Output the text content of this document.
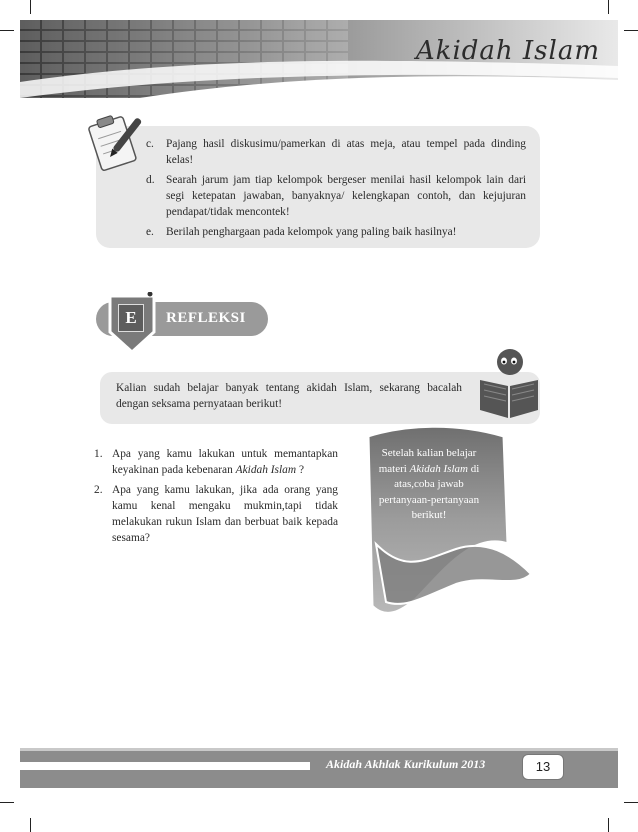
Akidah Islam
c. Pajang hasil diskusimu/pamerkan di atas meja, atau tempel pada dinding kelas!
d. Searah jarum jam tiap kelompok bergeser menilai hasil kelompok lain dari segi ketepatan jawaban, banyaknya/ kelengkapan contoh, dan kejujuran pendapat/tidak mencontek!
e. Berilah penghargaan pada kelompok yang paling baik hasilnya!
E	REFLEKSI
Kalian sudah belajar banyak tentang akidah Islam, sekarang bacalah dengan seksama pernyataan berikut!
1. Apa yang kamu lakukan untuk memantapkan keyakinan pada kebenaran Akidah Islam ?
2. Apa yang kamu lakukan, jika ada orang yang kamu kenal mengaku mukmin,tapi tidak melakukan rukun Islam dan berbuat baik kepada sesama?
Setelah kalian belajar materi Akidah Islam di atas,coba jawab pertanyaan-pertanyaan berikut!
Akidah Akhlak Kurikulum 2013	13
